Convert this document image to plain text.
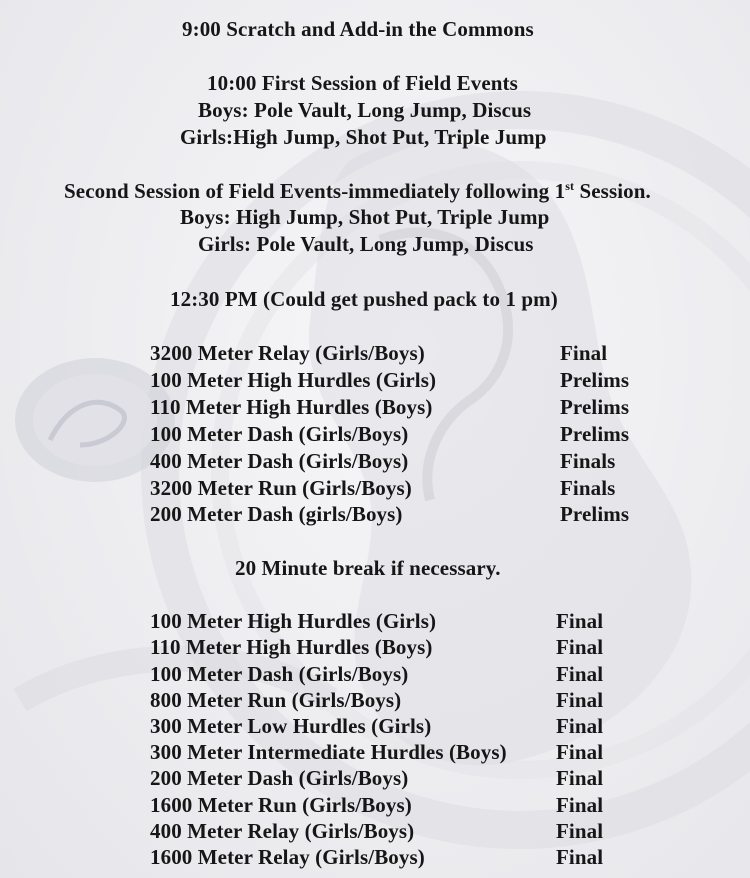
9:00 Scratch and Add-in the Commons
10:00 First Session of Field Events
Boys: Pole Vault, Long Jump, Discus
Girls:High Jump, Shot Put, Triple Jump
Second Session of Field Events-immediately following 1st Session.
Boys: High Jump, Shot Put, Triple Jump
Girls: Pole Vault, Long Jump, Discus
12:30 PM (Could get pushed pack to 1 pm)
3200 Meter Relay (Girls/Boys)	Final
100 Meter High Hurdles (Girls)	Prelims
110 Meter High Hurdles (Boys)	Prelims
100 Meter Dash (Girls/Boys)	Prelims
400 Meter Dash (Girls/Boys)	Finals
3200 Meter Run (Girls/Boys)	Finals
200 Meter Dash (girls/Boys)	Prelims
20 Minute break if necessary.
100 Meter High Hurdles (Girls)	Final
110 Meter High Hurdles (Boys)	Final
100 Meter Dash (Girls/Boys)	Final
800 Meter Run (Girls/Boys)	Final
300 Meter Low Hurdles (Girls)	Final
300 Meter Intermediate Hurdles (Boys) Final
200 Meter Dash (Girls/Boys)	Final
1600 Meter Run (Girls/Boys)	Final
400 Meter Relay (Girls/Boys)	Final
1600 Meter Relay (Girls/Boys)	Final
